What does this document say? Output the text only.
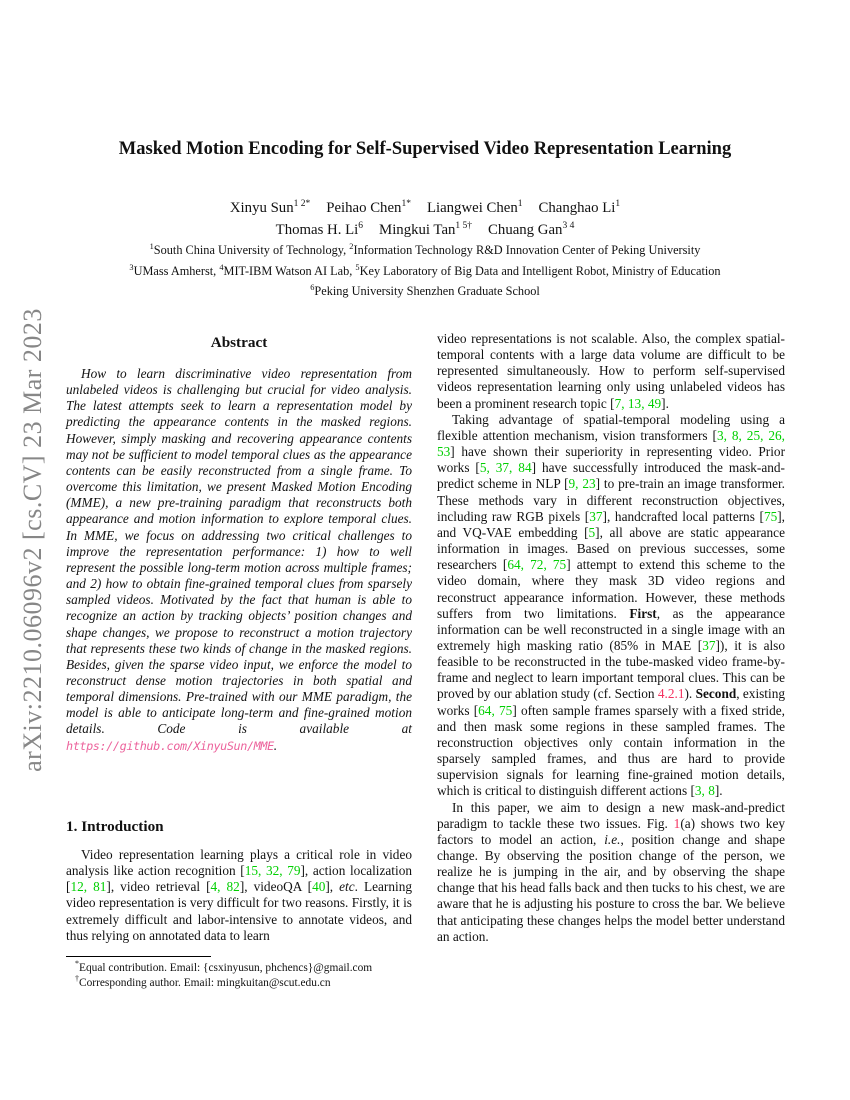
arXiv:2210.06096v2 [cs.CV] 23 Mar 2023
Masked Motion Encoding for Self-Supervised Video Representation Learning
Xinyu Sun$^{1 2*}$ Peihao Chen$^{1*}$ Liangwei Chen$^1$ Changhao Li$^1$
Thomas H. Li$^6$ Mingkui Tan$^{1 5\dagger}$ Chuang Gan$^{3 4}$
$^1$South China University of Technology, $^2$Information Technology R&D Innovation Center of Peking University
$^3$UMass Amherst, $^4$MIT-IBM Watson AI Lab, $^5$Key Laboratory of Big Data and Intelligent Robot, Ministry of Education
$^6$Peking University Shenzhen Graduate School
Abstract
How to learn discriminative video representation from unlabeled videos is challenging but crucial for video analysis. The latest attempts seek to learn a representation model by predicting the appearance contents in the masked regions. However, simply masking and recovering appearance contents may not be sufficient to model temporal clues as the appearance contents can be easily reconstructed from a single frame. To overcome this limitation, we present Masked Motion Encoding (MME), a new pre-training paradigm that reconstructs both appearance and motion information to explore temporal clues. In MME, we focus on addressing two critical challenges to improve the representation performance: 1) how to well represent the possible long-term motion across multiple frames; and 2) how to obtain fine-grained temporal clues from sparsely sampled videos. Motivated by the fact that human is able to recognize an action by tracking objects’ position changes and shape changes, we propose to reconstruct a motion trajectory that represents these two kinds of change in the masked regions. Besides, given the sparse video input, we enforce the model to reconstruct dense motion trajectories in both spatial and temporal dimensions. Pre-trained with our MME paradigm, the model is able to anticipate long-term and fine-grained motion details. Code is available at https://github.com/XinyuSun/MME.
1. Introduction
Video representation learning plays a critical role in video analysis like action recognition [15, 32, 79], action localization [12, 81], video retrieval [4, 82], videoQA [40], etc. Learning video representation is very difficult for two reasons. Firstly, it is extremely difficult and labor-intensive to annotate videos, and thus relying on annotated data to learn
*Equal contribution. Email: {csxinyusun, phchencs}@gmail.com
†Corresponding author. Email: mingkuitan@scut.edu.cn

video representations is not scalable. Also, the complex spatial-temporal contents with a large data volume are difficult to be represented simultaneously. How to perform self-supervised videos representation learning only using unlabeled videos has been a prominent research topic [7, 13, 49].

Taking advantage of spatial-temporal modeling using a flexible attention mechanism, vision transformers [3, 8, 25, 26, 53] have shown their superiority in representing video. Prior works [5, 37, 84] have successfully introduced the mask-and-predict scheme in NLP [9, 23] to pre-train an image transformer. These methods vary in different reconstruction objectives, including raw RGB pixels [37], handcrafted local patterns [75], and VQ-VAE embedding [5], all above are static appearance information in images. Based on previous successes, some researchers [64, 72, 75] attempt to extend this scheme to the video domain, where they mask 3D video regions and reconstruct appearance information. However, these methods suffers from two limitations. First, as the appearance information can be well reconstructed in a single image with an extremely high masking ratio (85% in MAE [37]), it is also feasible to be reconstructed in the tube-masked video frame-by-frame and neglect to learn important temporal clues. This can be proved by our ablation study (cf. Section 4.2.1). Second, existing works [64, 75] often sample frames sparsely with a fixed stride, and then mask some regions in these sampled frames. The reconstruction objectives only contain information in the sparsely sampled frames, and thus are hard to provide supervision signals for learning fine-grained motion details, which is critical to distinguish different actions [3, 8].

In this paper, we aim to design a new mask-and-predict paradigm to tackle these two issues. Fig. 1(a) shows two key factors to model an action, i.e., position change and shape change. By observing the position change of the person, we realize he is jumping in the air, and by observing the shape change that his head falls back and then tucks to his chest, we are aware that he is adjusting his posture to cross the bar. We believe that anticipating these changes helps the model better understand an action.
